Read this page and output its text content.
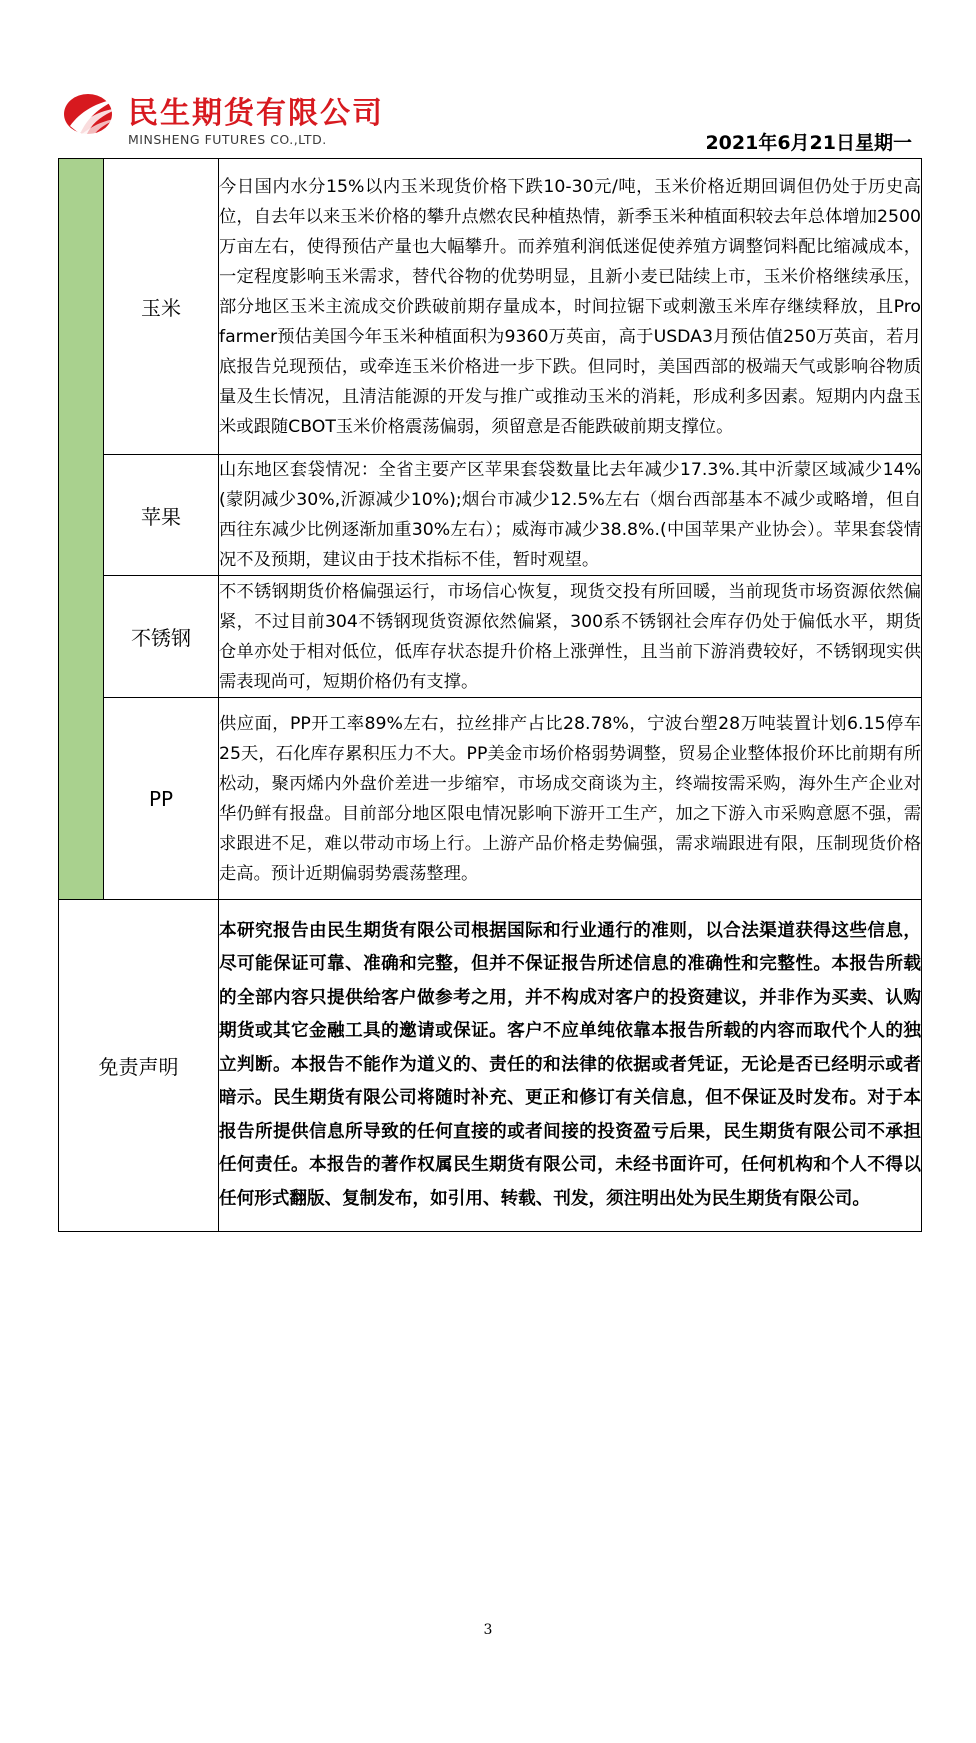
民生期货有限公司
MINSHENG FUTURES CO.,LTD.	2021年6月21日星期一
	玉米	今日国内水分15%以内玉米现货价格下跌10-30元/吨，玉米价格近期回调但仍处于历史高位，自去年以来玉米价格的攀升点燃农民种植热情，新季玉米种植面积较去年总体增加2500万亩左右，使得预估产量也大幅攀升。而养殖利润低迷促使养殖方调整饲料配比缩减成本，一定程度影响玉米需求，替代谷物的优势明显，且新小麦已陆续上市，玉米价格继续承压，部分地区玉米主流成交价跌破前期存量成本，时间拉锯下或刺激玉米库存继续释放，且Pro farmer预估美国今年玉米种植面积为9360万英亩，高于USDA3月预估值250万英亩，若月底报告兑现预估，或牵连玉米价格进一步下跌。但同时，美国西部的极端天气或影响谷物质量及生长情况，且清洁能源的开发与推广或推动玉米的消耗，形成利多因素。短期内内盘玉米或跟随CBOT玉米价格震荡偏弱，须留意是否能跌破前期支撑位。
	苹果	山东地区套袋情况：全省主要产区苹果套袋数量比去年减少17.3%.其中沂蒙区域减少14%(蒙阴减少30%,沂源减少10%);烟台市减少12.5%左右（烟台西部基本不减少或略增，但自西往东减少比例逐渐加重30%左右）；威海市减少38.8%.(中国苹果产业协会）。苹果套袋情况不及预期，建议由于技术指标不佳，暂时观望。
	不锈钢	不不锈钢期货价格偏强运行，市场信心恢复，现货交投有所回暖，当前现货市场资源依然偏紧，不过目前304不锈钢现货资源依然偏紧，300系不锈钢社会库存仍处于偏低水平，期货仓单亦处于相对低位，低库存状态提升价格上涨弹性，且当前下游消费较好，不锈钢现实供需表现尚可，短期价格仍有支撑。
	PP	供应面，PP开工率89%左右，拉丝排产占比28.78%，宁波台塑28万吨装置计划6.15停车25天，石化库存累积压力不大。PP美金市场价格弱势调整，贸易企业整体报价环比前期有所松动，聚丙烯内外盘价差进一步缩窄，市场成交商谈为主，终端按需采购，海外生产企业对华仍鲜有报盘。目前部分地区限电情况影响下游开工生产，加之下游入市采购意愿不强，需求跟进不足，难以带动市场上行。上游产品价格走势偏强，需求端跟进有限，压制现货价格走高。预计近期偏弱势震荡整理。
免责声明		本研究报告由民生期货有限公司根据国际和行业通行的准则，以合法渠道获得这些信息，尽可能保证可靠、准确和完整，但并不保证报告所述信息的准确性和完整性。本报告所载的全部内容只提供给客户做参考之用，并不构成对客户的投资建议，并非作为买卖、认购期货或其它金融工具的邀请或保证。客户不应单纯依靠本报告所载的内容而取代个人的独立判断。本报告不能作为道义的、责任的和法律的依据或者凭证，无论是否已经明示或者暗示。民生期货有限公司将随时补充、更正和修订有关信息，但不保证及时发布。对于本报告所提供信息所导致的任何直接的或者间接的投资盈亏后果，民生期货有限公司不承担任何责任。本报告的著作权属民生期货有限公司，未经书面许可，任何机构和个人不得以任何形式翻版、复制发布，如引用、转载、刊发，须注明出处为民生期货有限公司。
3
